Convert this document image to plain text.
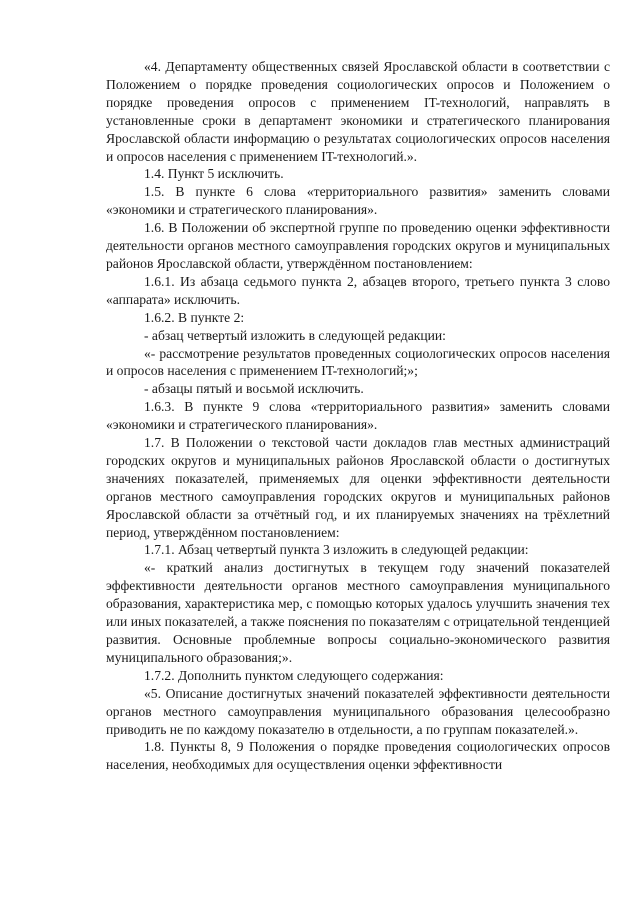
«4. Департаменту общественных связей Ярославской области в соответствии с Положением о порядке проведения социологических опросов и Положением о порядке проведения опросов с применением IT-технологий, направлять в установленные сроки в департамент экономики и стратегического планирования Ярославской области информацию о результатах социологических опросов населения и опросов населения с применением IT-технологий.».

1.4. Пункт 5 исключить.

1.5. В пункте 6 слова «территориального развития» заменить словами «экономики и стратегического планирования».

1.6. В Положении об экспертной группе по проведению оценки эффективности деятельности органов местного самоуправления городских округов и муниципальных районов Ярославской области, утверждённом постановлением:

1.6.1. Из абзаца седьмого пункта 2, абзацев второго, третьего пункта 3 слово «аппарата» исключить.

1.6.2. В пункте 2:

- абзац четвертый изложить в следующей редакции:

«- рассмотрение результатов проведенных социологических опросов населения и опросов населения с применением IT-технологий;»;

- абзацы пятый и восьмой исключить.

1.6.3. В пункте 9 слова «территориального развития» заменить словами «экономики и стратегического планирования».

1.7. В Положении о текстовой части докладов глав местных администраций городских округов и муниципальных районов Ярославской области о достигнутых значениях показателей, применяемых для оценки эффективности деятельности органов местного самоуправления городских округов и муниципальных районов Ярославской области за отчётный год, и их планируемых значениях на трёхлетний период, утверждённом постановлением:

1.7.1. Абзац четвертый пункта 3 изложить в следующей редакции:

«- краткий анализ достигнутых в текущем году значений показателей эффективности деятельности органов местного самоуправления муниципального образования, характеристика мер, с помощью которых удалось улучшить значения тех или иных показателей, а также пояснения по показателям с отрицательной тенденцией развития. Основные проблемные вопросы социально-экономического развития муниципального образования;».

1.7.2. Дополнить пунктом следующего содержания:

«5. Описание достигнутых значений показателей эффективности деятельности органов местного самоуправления муниципального образования целесообразно приводить не по каждому показателю в отдельности, а по группам показателей.».

1.8. Пункты 8, 9 Положения о порядке проведения социологических опросов населения, необходимых для осуществления оценки эффективности
